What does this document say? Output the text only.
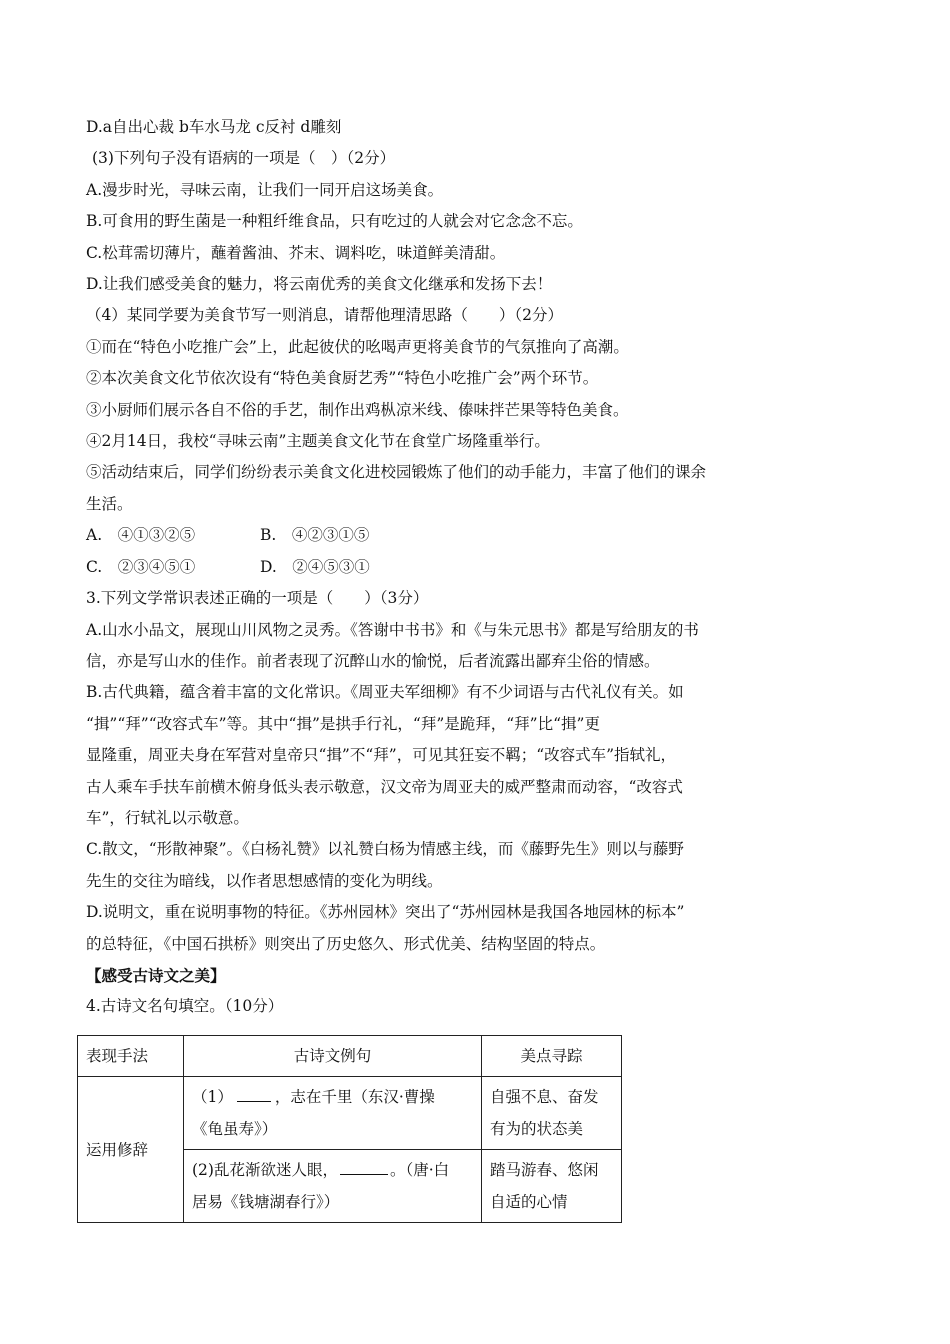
D.a自出心裁 b车水马龙 c反衬 d雕刻
(3)下列句子没有语病的一项是（　）（2分）
A.漫步时光，寻味云南，让我们一同开启这场美食。
B.可食用的野生菌是一种粗纤维食品，只有吃过的人就会对它念念不忘。
C.松茸需切薄片，蘸着酱油、芥末、调料吃，味道鲜美清甜。
D.让我们感受美食的魅力，将云南优秀的美食文化继承和发扬下去！
（4）某同学要为美食节写一则消息，请帮他理清思路（　　）（2分）
①而在“特色小吃推广会”上，此起彼伏的吆喝声更将美食节的气氛推向了高潮。
②本次美食文化节依次设有“特色美食厨艺秀”“特色小吃推广会”两个环节。
③小厨师们展示各自不俗的手艺，制作出鸡枞凉米线、傣味拌芒果等特色美食。
④2月14日，我校“寻味云南”主题美食文化节在食堂广场隆重举行。
⑤活动结束后，同学们纷纷表示美食文化进校园锻炼了他们的动手能力，丰富了他们的课余
生活。
A.　④①③②⑤	B.　④②③①⑤
C.　②③④⑤①	D.　②④⑤③①
3.下列文学常识表述正确的一项是（　　）（3分）
A.山水小品文，展现山川风物之灵秀。《答谢中书书》和《与朱元思书》都是写给朋友的书
信，亦是写山水的佳作。前者表现了沉醉山水的愉悦，后者流露出鄙弃尘俗的情感。
B.古代典籍，蕴含着丰富的文化常识。《周亚夫军细柳》有不少词语与古代礼仪有关。如
“揖”“拜”“改容式车”等。其中“揖”是拱手行礼，“拜”是跪拜，“拜”比“揖”更
显隆重，周亚夫身在军营对皇帝只“揖”不“拜”，可见其狂妄不羁；“改容式车”指轼礼，
古人乘车手扶车前横木俯身低头表示敬意，汉文帝为周亚夫的威严整肃而动容，“改容式
车”，行轼礼以示敬意。
C.散文，“形散神聚”。《白杨礼赞》以礼赞白杨为情感主线，而《藤野先生》则以与藤野
先生的交往为暗线，以作者思想感情的变化为明线。
D.说明文，重在说明事物的特征。《苏州园林》突出了“苏州园林是我国各地园林的标本”
的总特征，《中国石拱桥》则突出了历史悠久、形式优美、结构坚固的特点。
【感受古诗文之美】
4.古诗文名句填空。（10分）
表现手法	古诗文例句	美点寻踪
运用修辞	（1） ，志在千里（东汉·曹操
《龟虽寿》）	自强不息、奋发
有为的状态美
	(2)乱花渐欲迷人眼， 。（唐·白
居易《钱塘湖春行》）	踏马游春、悠闲
自适的心情
